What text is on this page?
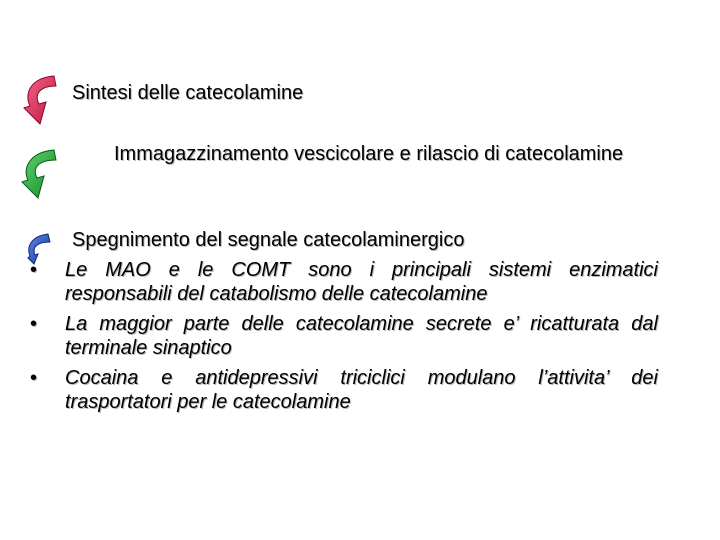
Sintesi delle catecolamine
Immagazzinamento vescicolare e rilascio di catecolamine
Spegnimento del segnale catecolaminergico
•	Le MAO e le COMT sono i principali sistemi enzimatici responsabili del catabolismo delle catecolamine
•	La maggior parte delle catecolamine secrete e’ ricatturata dal terminale sinaptico
•	Cocaina e antidepressivi triciclici modulano l’attivita’ dei trasportatori per le catecolamine
